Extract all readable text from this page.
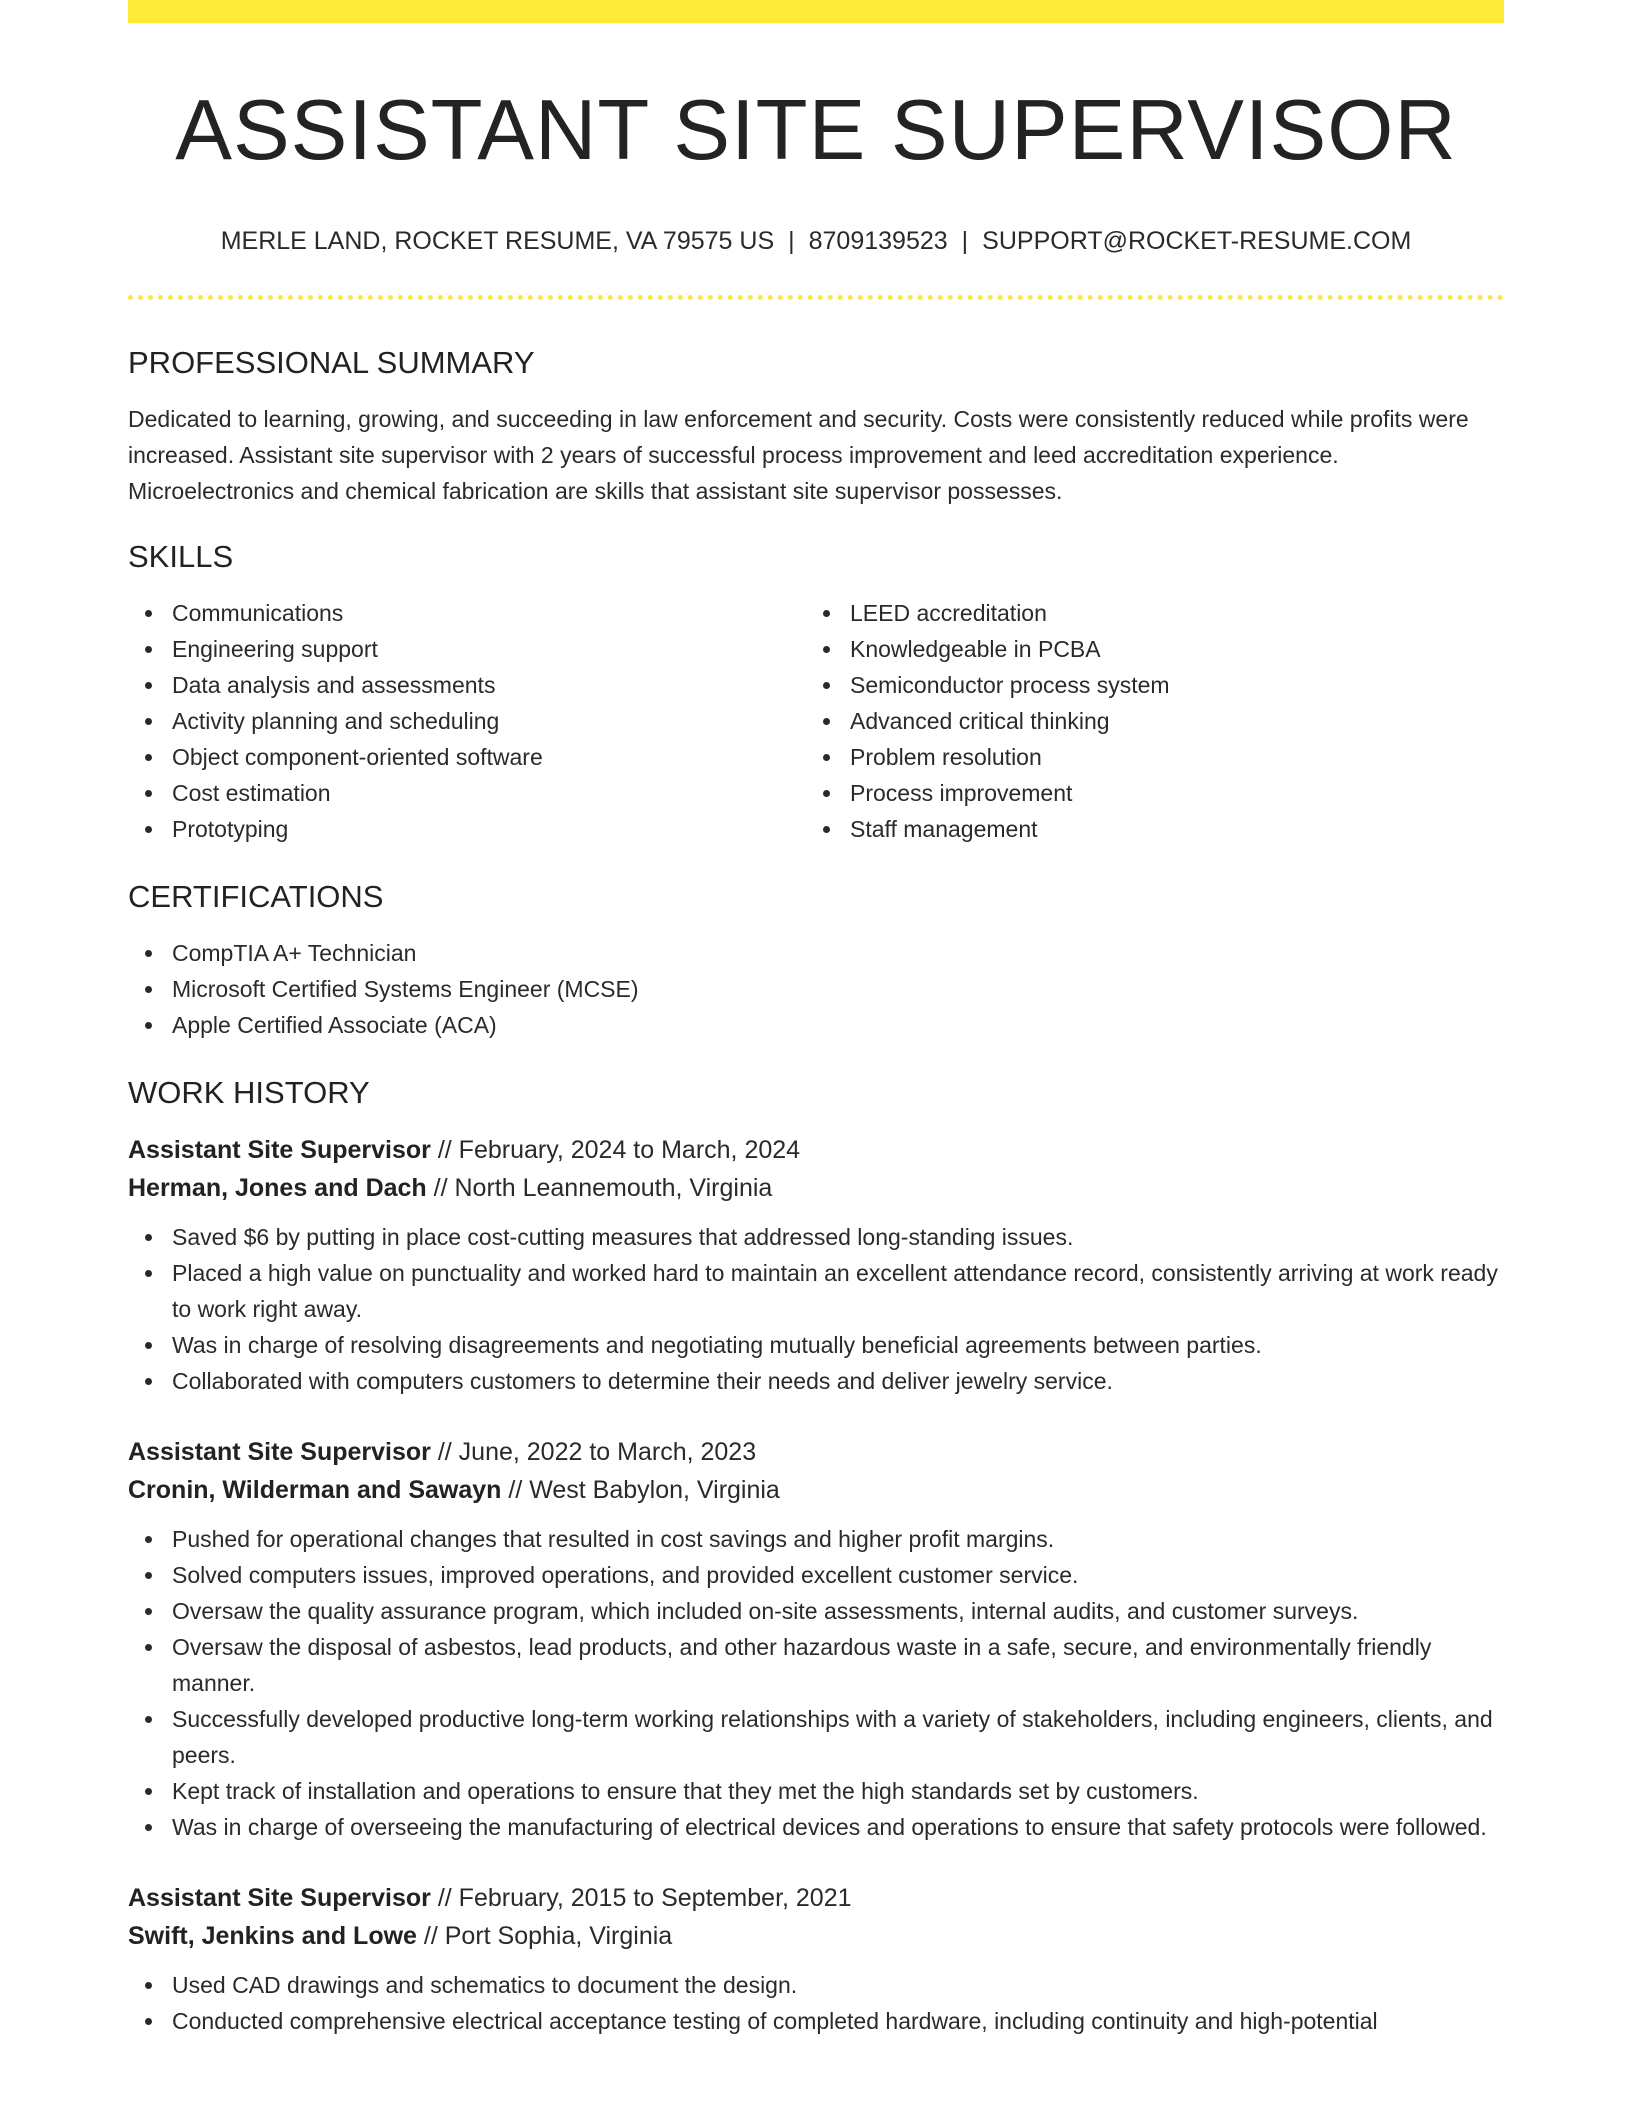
ASSISTANT SITE SUPERVISOR
MERLE LAND, ROCKET RESUME, VA 79575 US | 8709139523 | SUPPORT@ROCKET-RESUME.COM
PROFESSIONAL SUMMARY

Dedicated to learning, growing, and succeeding in law enforcement and security. Costs were consistently reduced while profits were increased. Assistant site supervisor with 2 years of successful process improvement and leed accreditation experience. Microelectronics and chemical fabrication are skills that assistant site supervisor possesses.

SKILLS
Communications
Engineering support
Data analysis and assessments
Activity planning and scheduling
Object component-oriented software
Cost estimation
Prototyping
LEED accreditation
Knowledgeable in PCBA
Semiconductor process system
Advanced critical thinking
Problem resolution
Process improvement
Staff management
CERTIFICATIONS
CompTIA A+ Technician
Microsoft Certified Systems Engineer (MCSE)
Apple Certified Associate (ACA)
WORK HISTORY
Assistant Site Supervisor // February, 2024 to March, 2024
Herman, Jones and Dach // North Leannemouth, Virginia
Saved $6 by putting in place cost-cutting measures that addressed long-standing issues.
Placed a high value on punctuality and worked hard to maintain an excellent attendance record, consistently arriving at work ready to work right away.
Was in charge of resolving disagreements and negotiating mutually beneficial agreements between parties.
Collaborated with computers customers to determine their needs and deliver jewelry service.
Assistant Site Supervisor // June, 2022 to March, 2023
Cronin, Wilderman and Sawayn // West Babylon, Virginia
Pushed for operational changes that resulted in cost savings and higher profit margins.
Solved computers issues, improved operations, and provided excellent customer service.
Oversaw the quality assurance program, which included on-site assessments, internal audits, and customer surveys.
Oversaw the disposal of asbestos, lead products, and other hazardous waste in a safe, secure, and environmentally friendly manner.
Successfully developed productive long-term working relationships with a variety of stakeholders, including engineers, clients, and peers.
Kept track of installation and operations to ensure that they met the high standards set by customers.
Was in charge of overseeing the manufacturing of electrical devices and operations to ensure that safety protocols were followed.
Assistant Site Supervisor // February, 2015 to September, 2021
Swift, Jenkins and Lowe // Port Sophia, Virginia
Used CAD drawings and schematics to document the design.
Conducted comprehensive electrical acceptance testing of completed hardware, including continuity and high-potential
